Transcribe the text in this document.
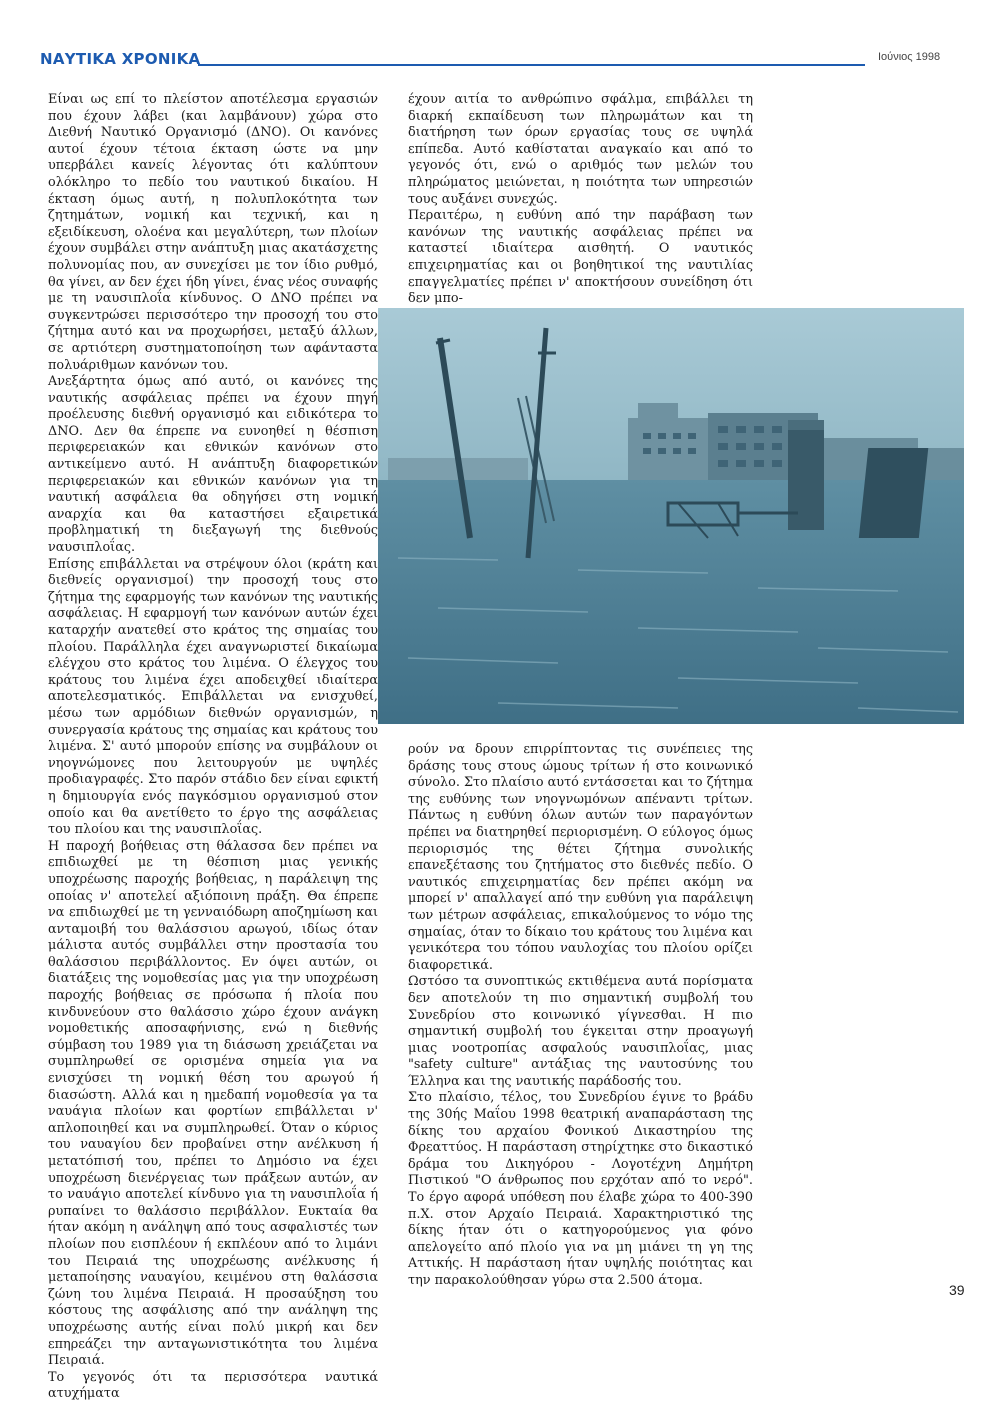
ΝΑΥΤΙΚΑ ΧΡΟΝΙΚΑ	Ιούνιος 1998

Είναι ως επί το πλείστον αποτέλεσμα εργασιών που έχουν λάβει (και λαμβάνουν) χώρα στο Διεθνή Ναυτικό Οργανισμό (ΔΝΟ). Οι κανόνες αυτοί έχουν τέτοια έκταση ώστε να μην υπερβάλει κανείς λέγοντας ότι καλύπτουν ολόκληρο το πεδίο του ναυτικού δικαίου. Η έκταση όμως αυτή, η πολυπλοκότητα των ζητημάτων, νομική και τεχνική, και η εξειδίκευση, ολοένα και μεγαλύτερη, των πλοίων έχουν συμβάλει στην ανάπτυξη μιας ακατάσχετης πολυνομίας που, αν συνεχίσει με τον ίδιο ρυθμό, θα γίνει, αν δεν έχει ήδη γίνει, ένας νέος συναφής με τη ναυσιπλοΐα κίνδυνος. Ο ΔΝΟ πρέπει να συγκεντρώσει περισσότερο την προσοχή του στο ζήτημα αυτό και να προχωρήσει, μεταξύ άλλων, σε αρτιότερη συστηματοποίηση των αφάνταστα πολυάριθμων κανόνων του.

Ανεξάρτητα όμως από αυτό, οι κανόνες της ναυτικής ασφάλειας πρέπει να έχουν πηγή προέλευσης διεθνή οργανισμό και ειδικότερα το ΔΝΟ. Δεν θα έπρεπε να ευνοηθεί η θέσπιση περιφερειακών και εθνικών κανόνων στο αντικείμενο αυτό. Η ανάπτυξη διαφορετικών περιφερειακών και εθνικών κανόνων για τη ναυτική ασφάλεια θα οδηγήσει στη νομική αναρχία και θα καταστήσει εξαιρετικά προβληματική τη διεξαγωγή της διεθνούς ναυσιπλοΐας.

Επίσης επιβάλλεται να στρέψουν όλοι (κράτη και διεθνείς οργανισμοί) την προσοχή τους στο ζήτημα της εφαρμογής των κανόνων της ναυτικής ασφάλειας. Η εφαρμογή των κανόνων αυτών έχει καταρχήν ανατεθεί στο κράτος της σημαίας του πλοίου. Παράλληλα έχει αναγνωριστεί δικαίωμα ελέγχου στο κράτος του λιμένα. Ο έλεγχος του κράτους του λιμένα έχει αποδειχθεί ιδιαίτερα αποτελεσματικός. Επιβάλλεται να ενισχυθεί, μέσω των αρμόδιων διεθνών οργανισμών, η συνεργασία κράτους της σημαίας και κράτους του λιμένα. Σ' αυτό μπορούν επίσης να συμβάλουν οι νηογνώμονες που λειτουργούν με υψηλές προδιαγραφές. Στο παρόν στάδιο δεν είναι εφικτή η δημιουργία ενός παγκόσμιου οργανισμού στον οποίο και θα ανετίθετο το έργο της ασφάλειας του πλοίου και της ναυσιπλοΐας.

Η παροχή βοήθειας στη θάλασσα δεν πρέπει να επιδιωχθεί με τη θέσπιση μιας γενικής υποχρέωσης παροχής βοήθειας, η παράλειψη της οποίας ν' αποτελεί αξιόποινη πράξη. Θα έπρεπε να επιδιωχθεί με τη γενναιόδωρη αποζημίωση και ανταμοιβή του θαλάσσιου αρωγού, ιδίως όταν μάλιστα αυτός συμβάλλει στην προστασία του θαλάσσιου περιβάλλοντος. Εν όψει αυτών, οι διατάξεις της νομοθεσίας μας για την υποχρέωση παροχής βοήθειας σε πρόσωπα ή πλοία που κινδυνεύουν στο θαλάσσιο χώρο έχουν ανάγκη νομοθετικής αποσαφήνισης, ενώ η διεθνής σύμβαση του 1989 για τη διάσωση χρειάζεται να συμπληρωθεί σε ορισμένα σημεία για να ενισχύσει τη νομική θέση του αρωγού ή διασώστη. Αλλά και η ημεδαπή νομοθεσία γα τα ναυάγια πλοίων και φορτίων επιβάλλεται ν' απλοποιηθεί και να συμπληρωθεί. Όταν ο κύριος του ναυαγίου δεν προβαίνει στην ανέλκυση ή μετατόπισή του, πρέπει το Δημόσιο να έχει υποχρέωση διενέργειας των πράξεων αυτών, αν το ναυάγιο αποτελεί κίνδυνο για τη ναυσιπλοΐα ή ρυπαίνει το θαλάσσιο περιβάλλον. Ευκταία θα ήταν ακόμη η ανάληψη από τους ασφαλιστές των πλοίων που εισπλέουν ή εκπλέουν από το λιμάνι του Πειραιά της υποχρέωσης ανέλκυσης ή μεταποίησης ναυαγίου, κειμένου στη θαλάσσια ζώνη του λιμένα Πειραιά. Η προσαύξηση του κόστους της ασφάλισης από την ανάληψη της υποχρέωσης αυτής είναι πολύ μικρή και δεν επηρεάζει την ανταγωνιστικότητα του λιμένα Πειραιά.

Το γεγονός ότι τα περισσότερα ναυτικά ατυχήματα

έχουν αιτία το ανθρώπινο σφάλμα, επιβάλλει τη διαρκή εκπαίδευση των πληρωμάτων και τη διατήρηση των όρων εργασίας τους σε υψηλά επίπεδα. Αυτό καθίσταται αναγκαίο και από το γεγονός ότι, ενώ ο αριθμός των μελών του πληρώματος μειώνεται, η ποιότητα των υπηρεσιών τους αυξάνει συνεχώς.

Περαιτέρω, η ευθύνη από την παράβαση των κανόνων της ναυτικής ασφάλειας πρέπει να καταστεί ιδιαίτερα αισθητή. Ο ναυτικός επιχειρηματίας και οι βοηθητικοί της ναυτιλίας επαγγελματίες πρέπει ν' αποκτήσουν συνείδηση ότι δεν μπο-

ρούν να δρουν επιρρίπτοντας τις συνέπειες της δράσης τους στους ώμους τρίτων ή στο κοινωνικό σύνολο. Στο πλαίσιο αυτό εντάσσεται και το ζήτημα της ευθύνης των νηογνωμόνων απέναντι τρίτων. Πάντως η ευθύνη όλων αυτών των παραγόντων πρέπει να διατηρηθεί περιορισμένη. Ο εύλογος όμως περιορισμός της θέτει ζήτημα συνολικής επανεξέτασης του ζητήματος στο διεθνές πεδίο. Ο ναυτικός επιχειρηματίας δεν πρέπει ακόμη να μπορεί ν' απαλλαγεί από την ευθύνη για παράλειψη των μέτρων ασφάλειας, επικαλούμενος το νόμο της σημαίας, όταν το δίκαιο του κράτους του λιμένα και γενικότερα του τόπου ναυλοχίας του πλοίου ορίζει διαφορετικά.

Ωστόσο τα συνοπτικώς εκτιθέμενα αυτά πορίσματα δεν αποτελούν τη πιο σημαντική συμβολή του Συνεδρίου στο κοινωνικό γίγνεσθαι. Η πιο σημαντική συμβολή του έγκειται στην προαγωγή μιας νοοτροπίας ασφαλούς ναυσιπλοΐας, μιας "safety culture" αντάξιας της ναυτοσύνης του Έλληνα και της ναυτικής παράδοσής του.

Στο πλαίσιο, τέλος, του Συνεδρίου έγινε το βράδυ της 30ής Μαΐου 1998 θεατρική αναπαράσταση της δίκης του αρχαίου Φονικού Δικαστηρίου της Φρεαττύος. Η παράσταση στηρίχτηκε στο δικαστικό δράμα του Δικηγόρου - Λογοτέχνη Δημήτρη Πιστικού "Ο άνθρωπος που ερχόταν από το νερό". Το έργο αφορά υπόθεση που έλαβε χώρα το 400-390 π.Χ. στον Αρχαίο Πειραιά. Χαρακτηριστικό της δίκης ήταν ότι ο κατηγορούμενος για φόνο απελογείτο από πλοίο για να μη μιάνει τη γη της Αττικής. Η παράσταση ήταν υψηλής ποιότητας και την παρακολούθησαν γύρω στα 2.500 άτομα.

39
